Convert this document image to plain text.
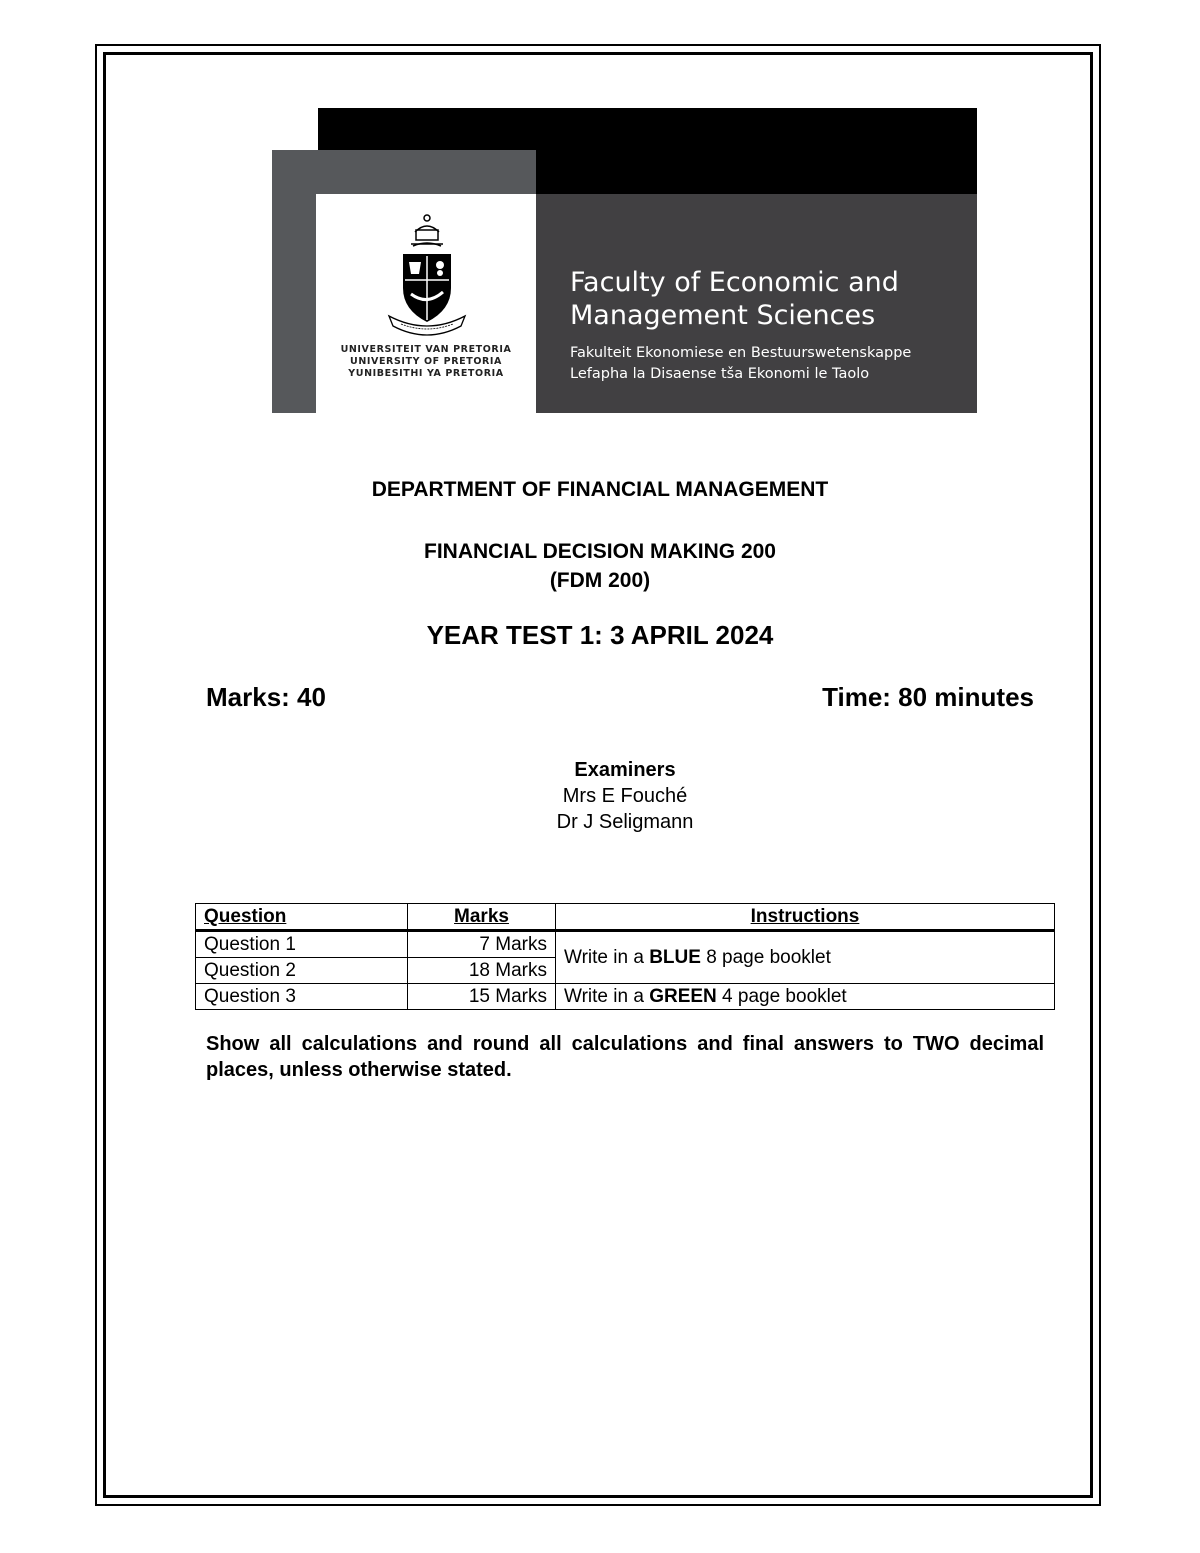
UNIVERSITEIT VAN PRETORIA
UNIVERSITY OF PRETORIA
YUNIBESITHI YA PRETORIA
Faculty of Economic and
Management Sciences
Fakulteit Ekonomiese en Bestuurswetenskappe
Lefapha la Disaense tša Ekonomi le Taolo
DEPARTMENT OF FINANCIAL MANAGEMENT
FINANCIAL DECISION MAKING 200
(FDM 200)
YEAR TEST 1: 3 APRIL 2024
Marks: 40	Time: 80 minutes
Examiners
Mrs E Fouché
Dr J Seligmann
Question	Marks	Instructions
Question 1	7 Marks	Write in a BLUE 8 page booklet
Question 2	18 Marks	
Question 3	15 Marks	Write in a GREEN 4 page booklet
Show all calculations and round all calculations and final answers to TWO decimal places, unless otherwise stated.
